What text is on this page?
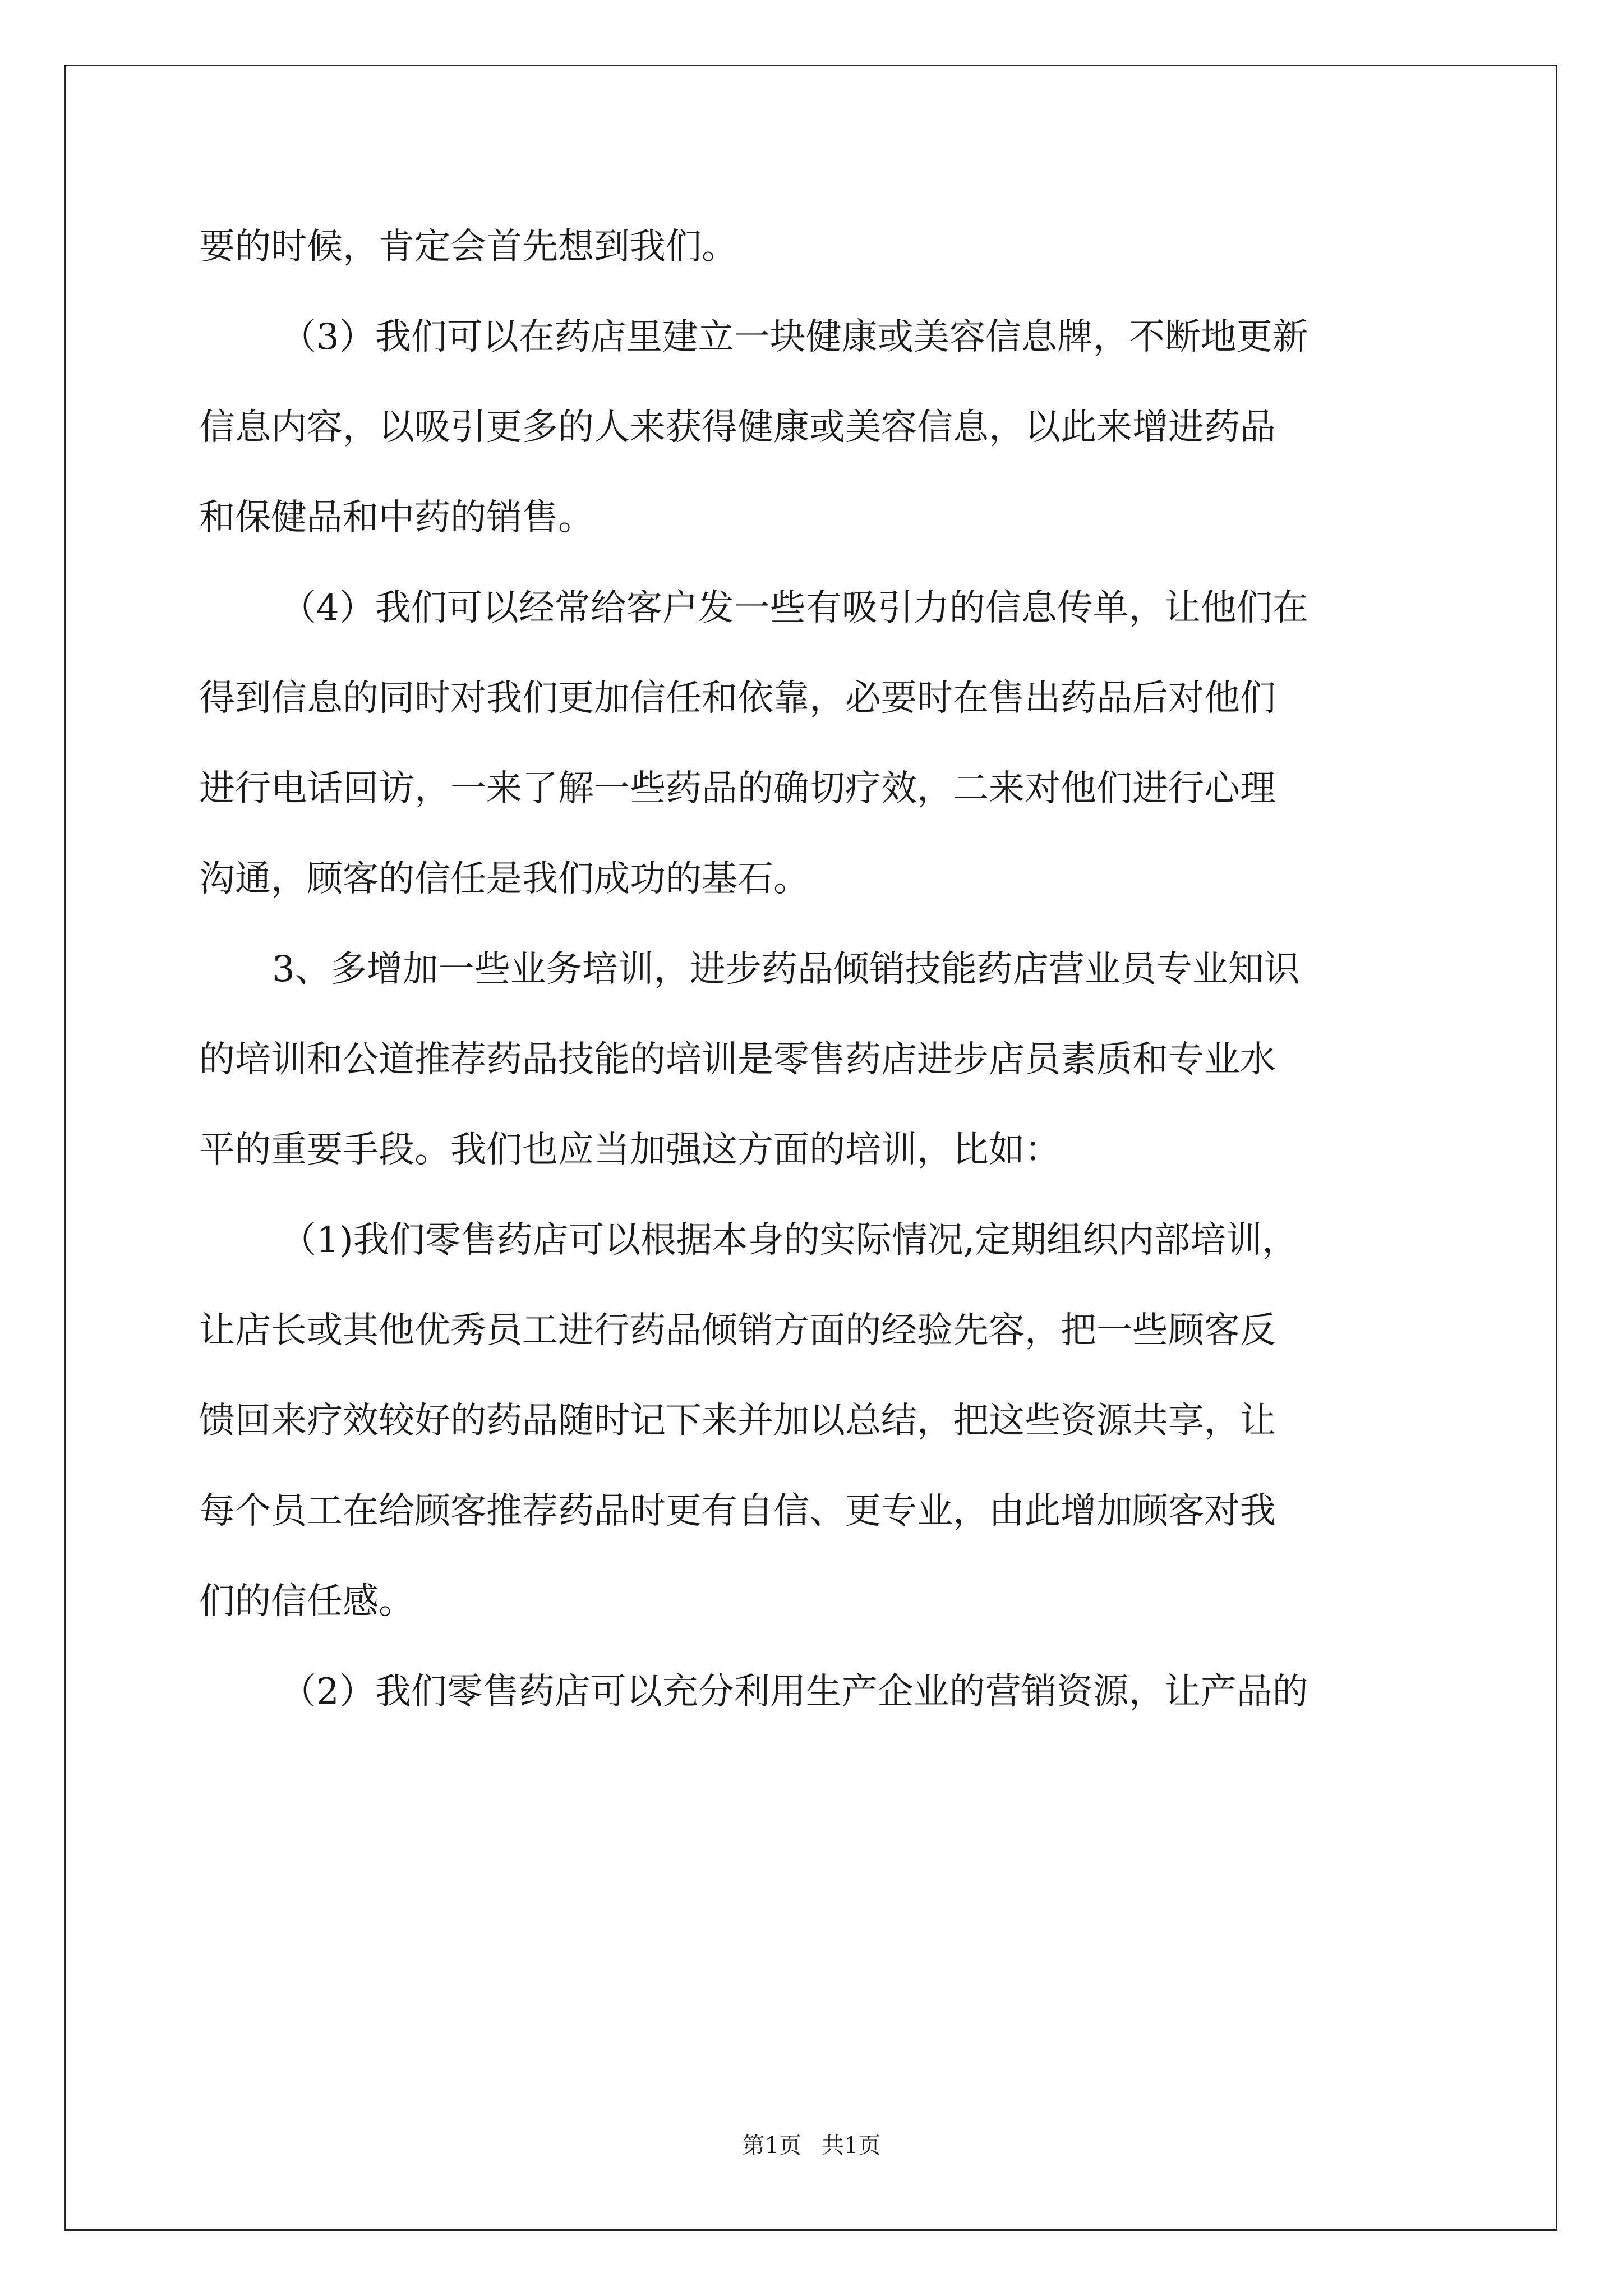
要的时候，肯定会首先想到我们。
（3）我们可以在药店里建立一块健康或美容信息牌，不断地更新
信息内容，以吸引更多的人来获得健康或美容信息，以此来增进药品
和保健品和中药的销售。
（4）我们可以经常给客户发一些有吸引力的信息传单，让他们在
得到信息的同时对我们更加信任和依靠，必要时在售出药品后对他们
进行电话回访，一来了解一些药品的确切疗效，二来对他们进行心理
沟通，顾客的信任是我们成功的基石。
3、多增加一些业务培训，进步药品倾销技能药店营业员专业知识
的培训和公道推荐药品技能的培训是零售药店进步店员素质和专业水
平的重要手段。我们也应当加强这方面的培训，比如：
（1)我们零售药店可以根据本身的实际情况,定期组织内部培训，
让店长或其他优秀员工进行药品倾销方面的经验先容，把一些顾客反
馈回来疗效较好的药品随时记下来并加以总结，把这些资源共享，让
每个员工在给顾客推荐药品时更有自信、更专业，由此增加顾客对我
们的信任感。
（2）我们零售药店可以充分利用生产企业的营销资源，让产品的
第1页 共1页
